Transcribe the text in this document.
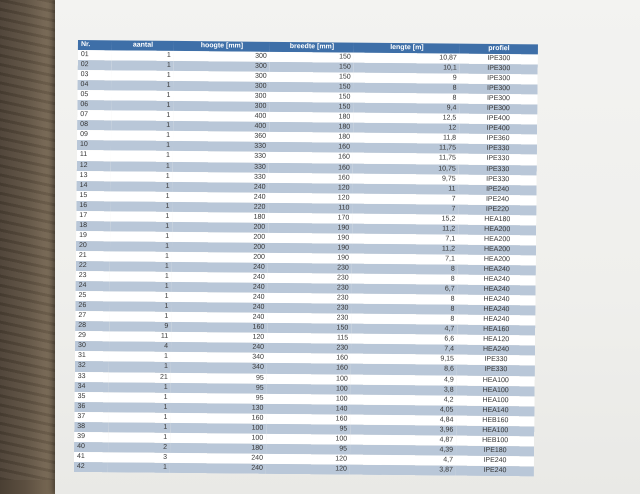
Nr.	aantal	hoogte [mm]	breedte [mm]	lengte [m]	profiel
01	1	300	150	10,87	IPE300
02	1	300	150	10,1	IPE300
03	1	300	150	9	IPE300
04	1	300	150	8	IPE300
05	1	300	150	8	IPE300
06	1	300	150	9,4	IPE300
07	1	400	180	12,5	IPE400
08	1	400	180	12	IPE400
09	1	360	180	11,8	IPE360
10	1	330	160	11,75	IPE330
11	1	330	160	11,75	IPE330
12	1	330	160	10,75	IPE330
13	1	330	160	9,75	IPE330
14	1	240	120	11	IPE240
15	1	240	120	7	IPE240
16	1	220	110	7	IPE220
17	1	180	170	15,2	HEA180
18	1	200	190	11,2	HEA200
19	1	200	190	7,1	HEA200
20	1	200	190	11,2	HEA200
21	1	200	190	7,1	HEA200
22	1	240	230	8	HEA240
23	1	240	230	8	HEA240
24	1	240	230	6,7	HEA240
25	1	240	230	8	HEA240
26	1	240	230	8	HEA240
27	1	240	230	8	HEA240
28	9	160	150	4,7	HEA160
29	11	120	115	6,6	HEA120
30	4	240	230	7,4	HEA240
31	1	340	160	9,15	IPE330
32	1	340	160	8,6	IPE330
33	21	95	100	4,9	HEA100
34	1	95	100	3,8	HEA100
35	1	95	100	4,2	HEA100
36	1	130	140	4,05	HEA140
37	1	160	160	4,84	HEB160
38	1	100	95	3,96	HEA100
39	1	100	100	4,87	HEB100
40	2	180	95	4,39	IPE180
41	3	240	120	4,7	IPE240
42	1	240	120	3,87	IPE240
